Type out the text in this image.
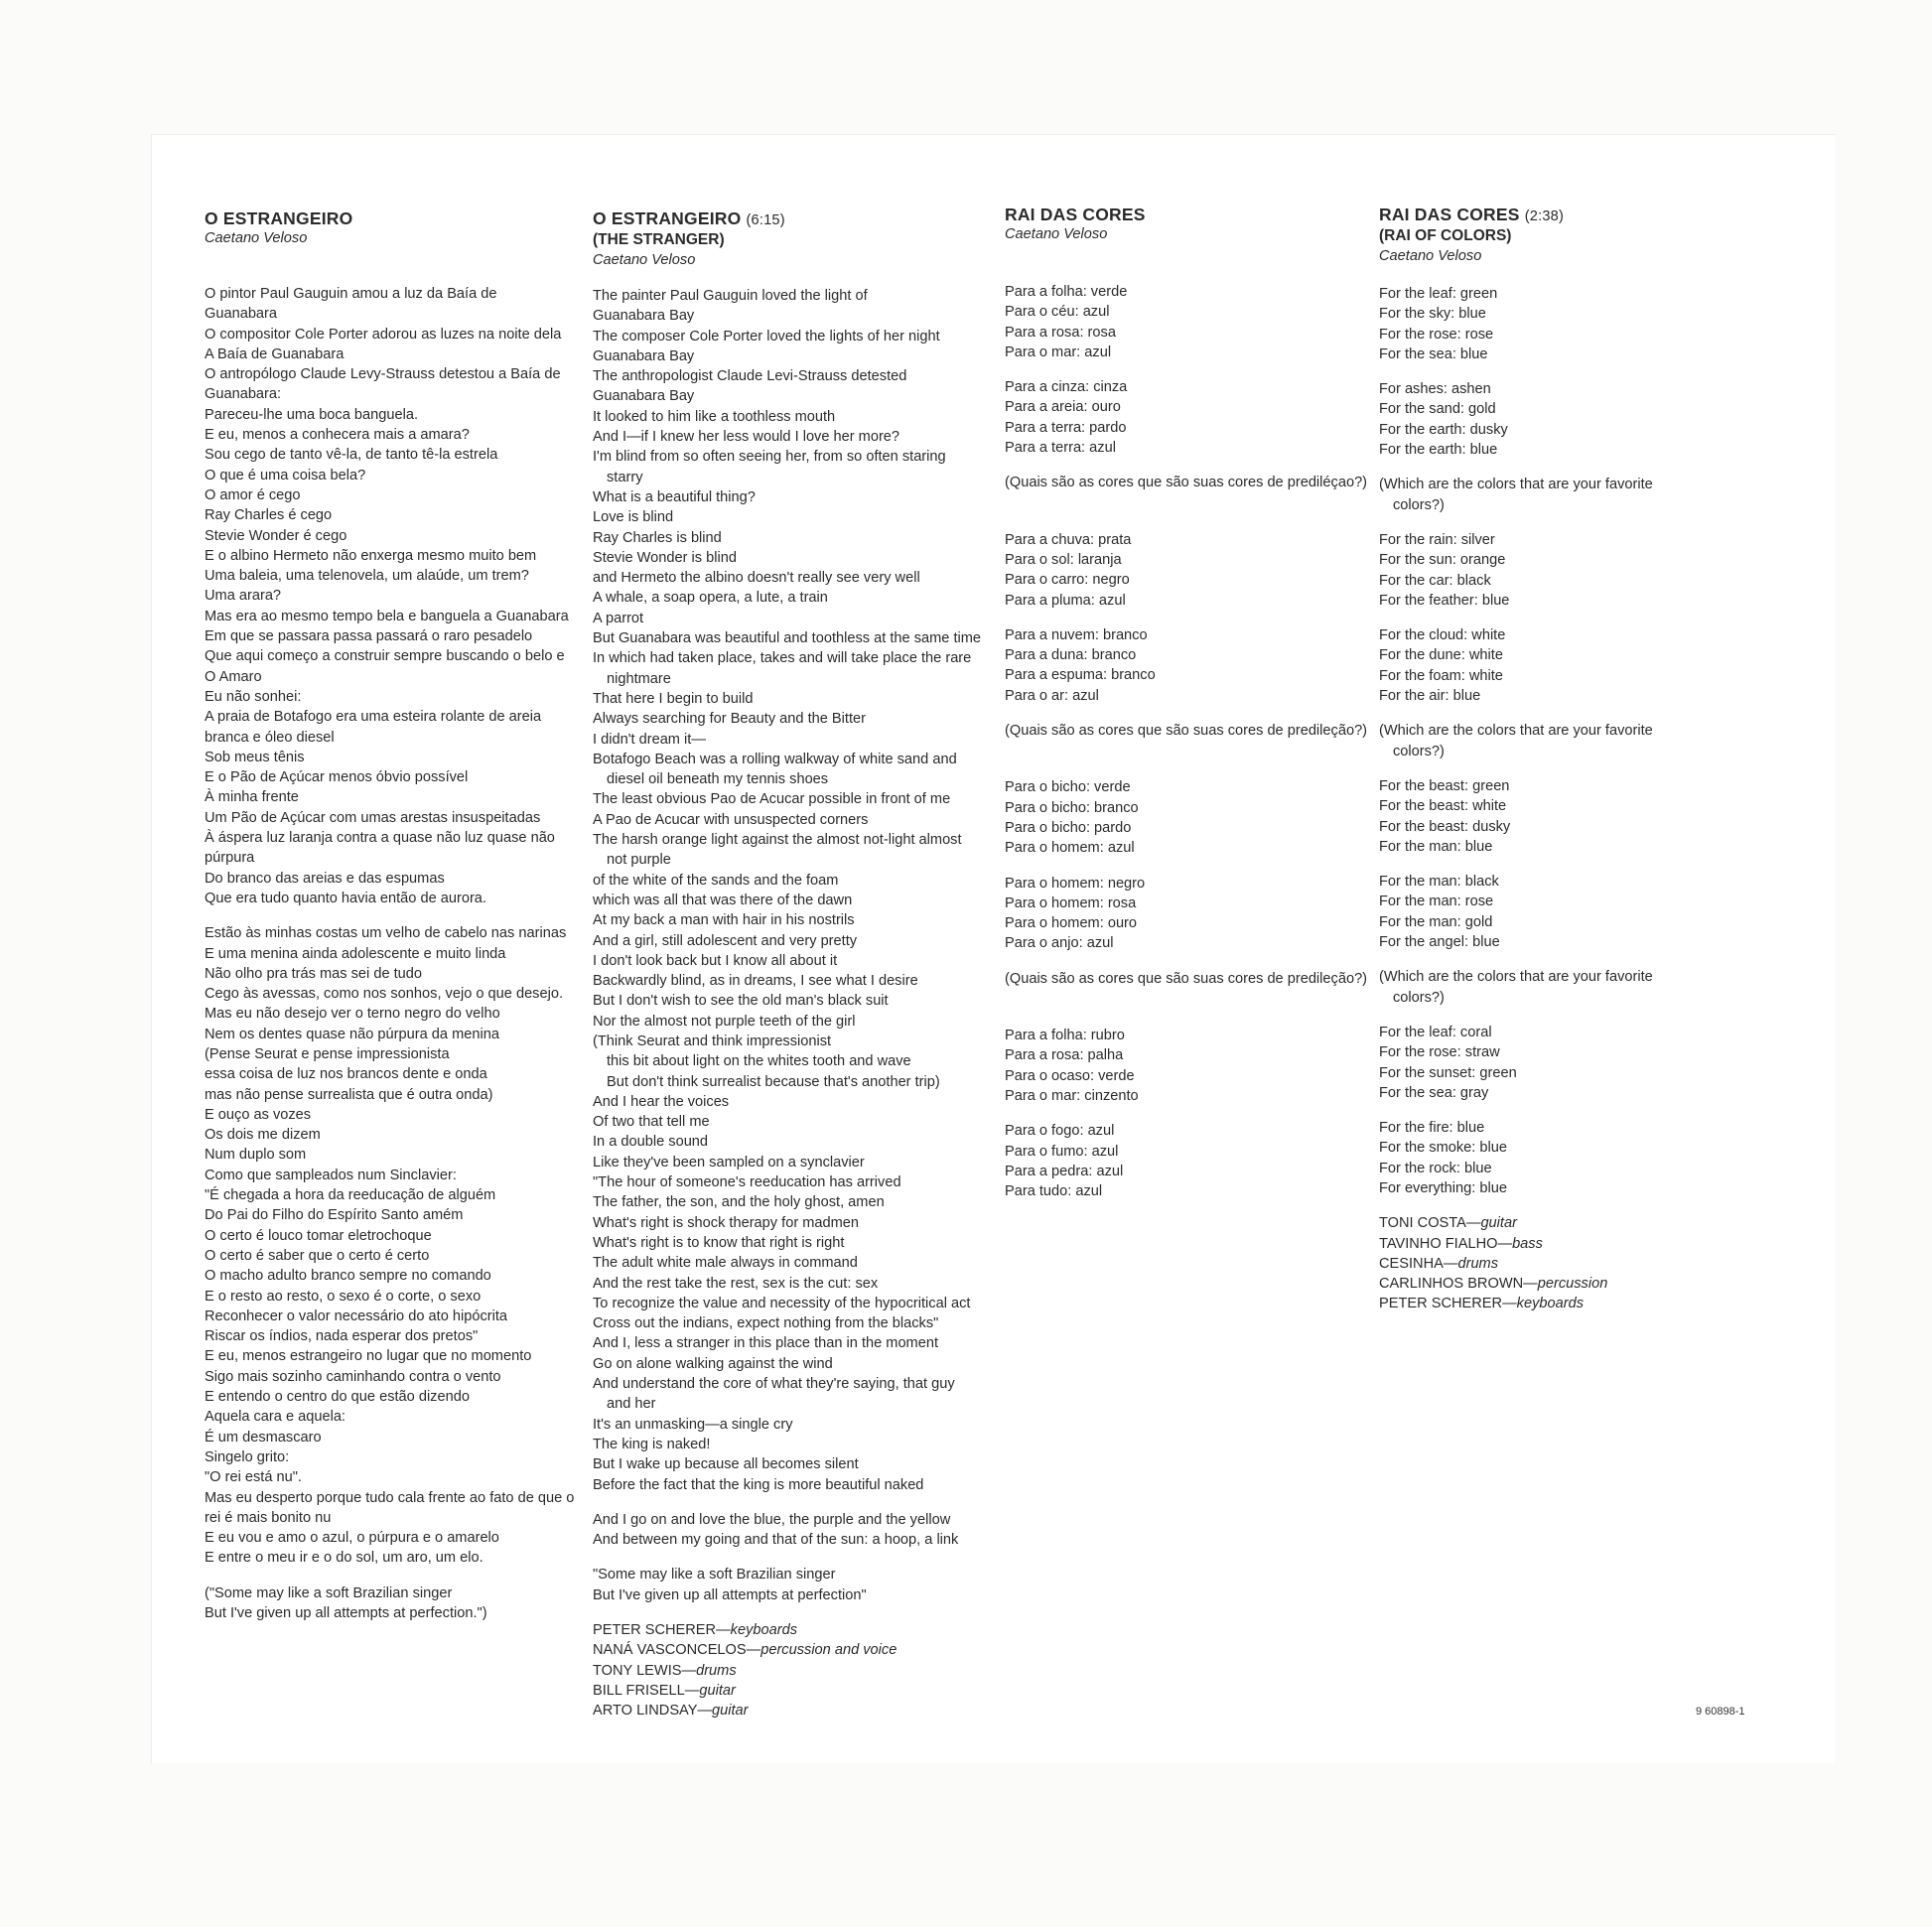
O ESTRANGEIRO
Caetano Veloso
O pintor Paul Gauguin amou a luz da Baía de
Guanabara
O compositor Cole Porter adorou as luzes na noite dela
A Baía de Guanabara
O antropólogo Claude Levy-Strauss detestou a Baía de
Guanabara:
Pareceu-lhe uma boca banguela.
E eu, menos a conhecera mais a amara?
Sou cego de tanto vê-la, de tanto tê-la estrela
O que é uma coisa bela?
O amor é cego
Ray Charles é cego
Stevie Wonder é cego
E o albino Hermeto não enxerga mesmo muito bem
Uma baleia, uma telenovela, um alaúde, um trem?
Uma arara?
Mas era ao mesmo tempo bela e banguela a Guanabara
Em que se passara passa passará o raro pesadelo
Que aqui começo a construir sempre buscando o belo e
O Amaro
Eu não sonhei:
A praia de Botafogo era uma esteira rolante de areia
branca e óleo diesel
Sob meus tênis
E o Pão de Açúcar menos óbvio possível
À minha frente
Um Pão de Açúcar com umas arestas insuspeitadas
À áspera luz laranja contra a quase não luz quase não
púrpura
Do branco das areias e das espumas
Que era tudo quanto havia então de aurora.
Estão às minhas costas um velho de cabelo nas narinas
E uma menina ainda adolescente e muito linda
Não olho pra trás mas sei de tudo
Cego às avessas, como nos sonhos, vejo o que desejo.
Mas eu não desejo ver o terno negro do velho
Nem os dentes quase não púrpura da menina
(Pense Seurat e pense impressionista
essa coisa de luz nos brancos dente e onda
mas não pense surrealista que é outra onda)
E ouço as vozes
Os dois me dizem
Num duplo som
Como que sampleados num Sinclavier:
"É chegada a hora da reeducação de alguém
Do Pai do Filho do Espírito Santo amém
O certo é louco tomar eletrochoque
O certo é saber que o certo é certo
O macho adulto branco sempre no comando
E o resto ao resto, o sexo é o corte, o sexo
Reconhecer o valor necessário do ato hipócrita
Riscar os índios, nada esperar dos pretos"
E eu, menos estrangeiro no lugar que no momento
Sigo mais sozinho caminhando contra o vento
E entendo o centro do que estão dizendo
Aquela cara e aquela:
É um desmascaro
Singelo grito:
"O rei está nu".
Mas eu desperto porque tudo cala frente ao fato de que o
rei é mais bonito nu
E eu vou e amo o azul, o púrpura e o amarelo
E entre o meu ir e o do sol, um aro, um elo.
("Some may like a soft Brazilian singer
But I've given up all attempts at perfection.")
O ESTRANGEIRO (6:15)
(THE STRANGER)
Caetano Veloso
The painter Paul Gauguin loved the light of
Guanabara Bay
The composer Cole Porter loved the lights of her night
Guanabara Bay
The anthropologist Claude Levi-Strauss detested
Guanabara Bay
It looked to him like a toothless mouth
And I—if I knew her less would I love her more?
I'm blind from so often seeing her, from so often staring
starry
What is a beautiful thing?
Love is blind
Ray Charles is blind
Stevie Wonder is blind
and Hermeto the albino doesn't really see very well
A whale, a soap opera, a lute, a train
A parrot
But Guanabara was beautiful and toothless at the same time
In which had taken place, takes and will take place the rare
nightmare
That here I begin to build
Always searching for Beauty and the Bitter
I didn't dream it—
Botafogo Beach was a rolling walkway of white sand and
diesel oil beneath my tennis shoes
The least obvious Pao de Acucar possible in front of me
A Pao de Acucar with unsuspected corners
The harsh orange light against the almost not-light almost
not purple
of the white of the sands and the foam
which was all that was there of the dawn
At my back a man with hair in his nostrils
And a girl, still adolescent and very pretty
I don't look back but I know all about it
Backwardly blind, as in dreams, I see what I desire
But I don't wish to see the old man's black suit
Nor the almost not purple teeth of the girl
(Think Seurat and think impressionist
this bit about light on the whites tooth and wave
But don't think surrealist because that's another trip)
And I hear the voices
Of two that tell me
In a double sound
Like they've been sampled on a synclavier
"The hour of someone's reeducation has arrived
The father, the son, and the holy ghost, amen
What's right is shock therapy for madmen
What's right is to know that right is right
The adult white male always in command
And the rest take the rest, sex is the cut: sex
To recognize the value and necessity of the hypocritical act
Cross out the indians, expect nothing from the blacks"
And I, less a stranger in this place than in the moment
Go on alone walking against the wind
And understand the core of what they're saying, that guy
and her
It's an unmasking—a single cry
The king is naked!
But I wake up because all becomes silent
Before the fact that the king is more beautiful naked
And I go on and love the blue, the purple and the yellow
And between my going and that of the sun: a hoop, a link
"Some may like a soft Brazilian singer
But I've given up all attempts at perfection"
PETER SCHERER—keyboards
NANÁ VASCONCELOS—percussion and voice
TONY LEWIS—drums
BILL FRISELL—guitar
ARTO LINDSAY—guitar
RAI DAS CORES
Caetano Veloso
Para a folha: verde
Para o céu: azul
Para a rosa: rosa
Para o mar: azul
Para a cinza: cinza
Para a areia: ouro
Para a terra: pardo
Para a terra: azul
(Quais são as cores que são suas cores de prediléçao?)
Para a chuva: prata
Para o sol: laranja
Para o carro: negro
Para a pluma: azul
Para a nuvem: branco
Para a duna: branco
Para a espuma: branco
Para o ar: azul
(Quais são as cores que são suas cores de predileção?)
Para o bicho: verde
Para o bicho: branco
Para o bicho: pardo
Para o homem: azul
Para o homem: negro
Para o homem: rosa
Para o homem: ouro
Para o anjo: azul
(Quais são as cores que são suas cores de predileção?)
Para a folha: rubro
Para a rosa: palha
Para o ocaso: verde
Para o mar: cinzento
Para o fogo: azul
Para o fumo: azul
Para a pedra: azul
Para tudo: azul
RAI DAS CORES (2:38)
(RAI OF COLORS)
Caetano Veloso
For the leaf: green
For the sky: blue
For the rose: rose
For the sea: blue
For ashes: ashen
For the sand: gold
For the earth: dusky
For the earth: blue
(Which are the colors that are your favorite
colors?)
For the rain: silver
For the sun: orange
For the car: black
For the feather: blue
For the cloud: white
For the dune: white
For the foam: white
For the air: blue
(Which are the colors that are your favorite
colors?)
For the beast: green
For the beast: white
For the beast: dusky
For the man: blue
For the man: black
For the man: rose
For the man: gold
For the angel: blue
(Which are the colors that are your favorite
colors?)
For the leaf: coral
For the rose: straw
For the sunset: green
For the sea: gray
For the fire: blue
For the smoke: blue
For the rock: blue
For everything: blue
TONI COSTA—guitar
TAVINHO FIALHO—bass
CESINHA—drums
CARLINHOS BROWN—percussion
PETER SCHERER—keyboards
9 60898-1
